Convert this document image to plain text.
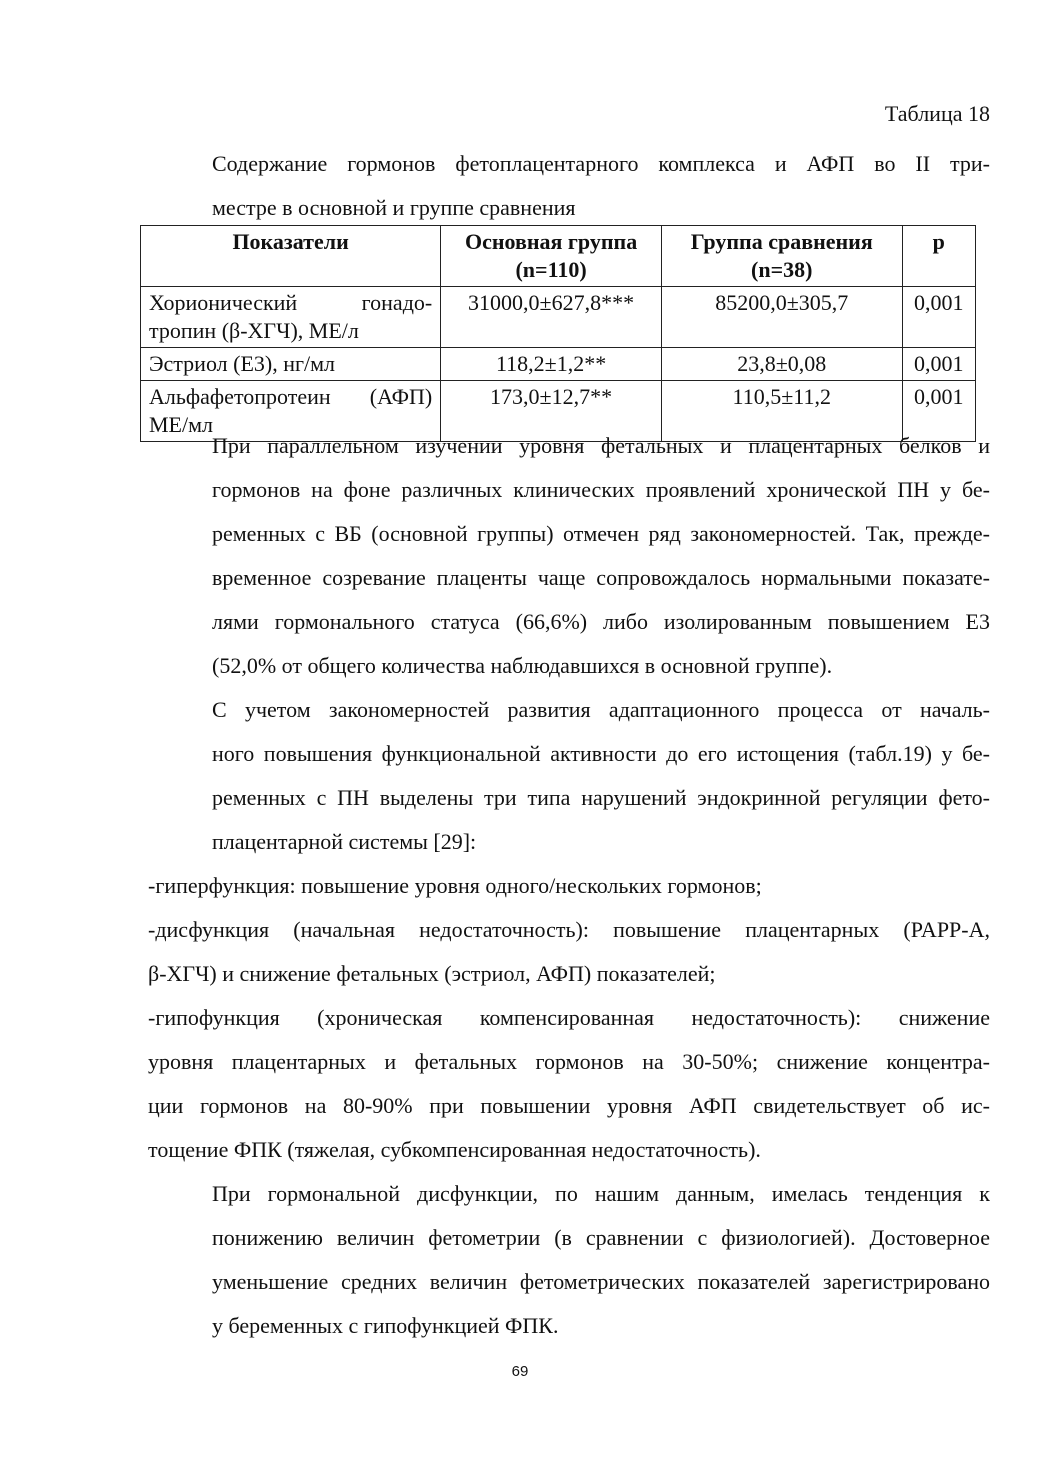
Таблица 18
Содержание гормонов фетоплацентарного комплекса и АФП во II три-
местре в основной и группе сравнения
Показатели	Основная группа (n=110)	Группа сравнения (n=38)	р
Хорионический гонадо-тропин (β-ХГЧ), МЕ/л	31000,0±627,8***	85200,0±305,7	0,001
Эстриол (Е3), нг/мл	118,2±1,2**	23,8±0,08	0,001
Альфафетопротеин (АФП) МЕ/мл	173,0±12,7**	110,5±11,2	0,001

При параллельном изучении уровня фетальных и плацентарных белков и
гормонов на фоне различных клинических проявлений хронической ПН у бе-
ременных с ВБ (основной группы) отмечен ряд закономерностей. Так, прежде-
временное созревание плаценты чаще сопровождалось нормальными показате-
лями гормонального статуса (66,6%) либо изолированным повышением Е3
(52,0% от общего количества наблюдавшихся в основной группе).

С учетом закономерностей развития адаптационного процесса от началь-
ного повышения функциональной активности до его истощения (табл.19) у бе-
ременных с ПН выделены три типа нарушений эндокринной регуляции фето-
плацентарной системы [29]:

-гиперфункция: повышение уровня одного/нескольких гормонов;

-дисфункция (начальная недостаточность): повышение плацентарных (PAPP-A,
β-ХГЧ) и снижение фетальных (эстриол, АФП) показателей;

-гипофункция (хроническая компенсированная недостаточность): снижение
уровня плацентарных и фетальных гормонов на 30-50%; снижение концентра-
ции гормонов на 80-90% при повышении уровня АФП свидетельствует об ис-
тощение ФПК (тяжелая, субкомпенсированная недостаточность).

При гормональной дисфункции, по нашим данным, имелась тенденция к
понижению величин фетометрии (в сравнении с физиологией). Достоверное
уменьшение средних величин фетометрических показателей зарегистрировано
у беременных с гипофункцией ФПК.

69
